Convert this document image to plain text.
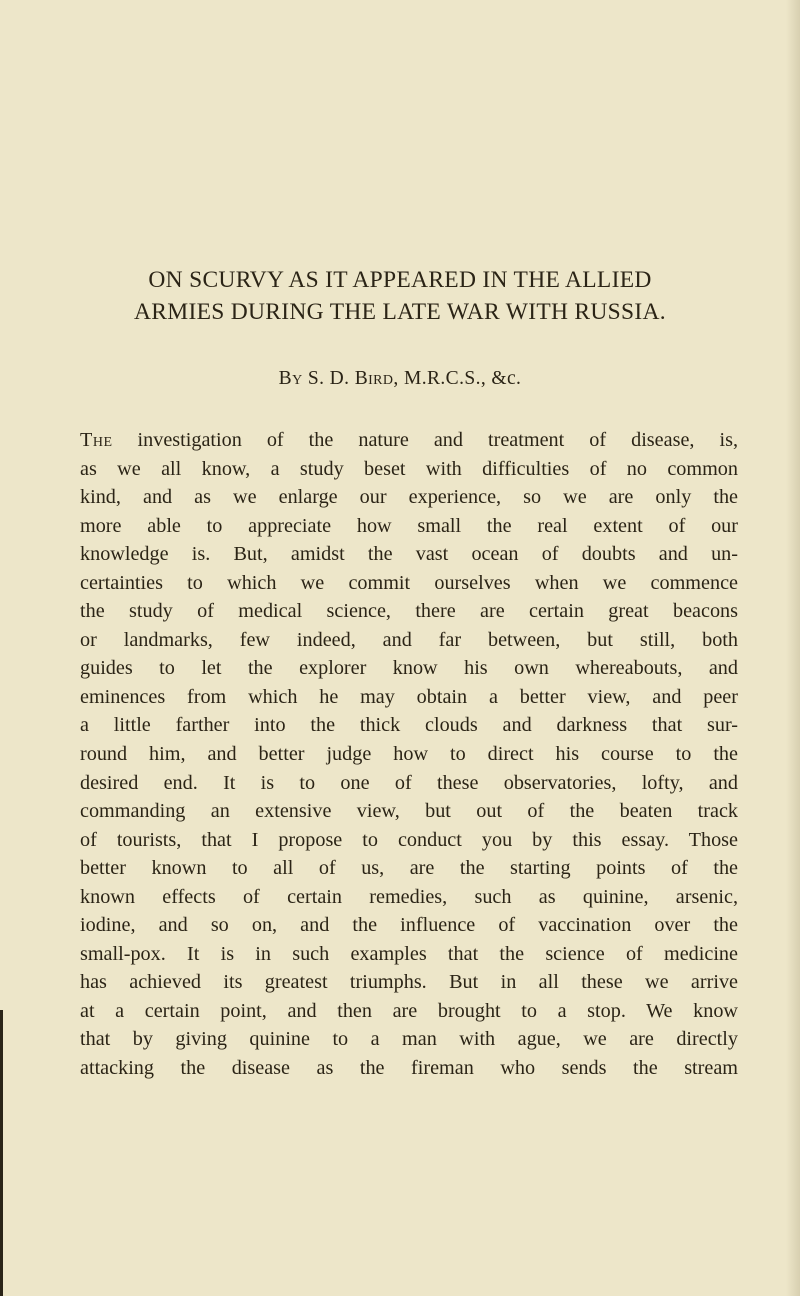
ON SCURVY AS IT APPEARED IN THE ALLIED
ARMIES DURING THE LATE WAR WITH RUSSIA.

By S. D. Bird, M.R.C.S., &c.

The investigation of the nature and treatment of disease, is,
as we all know, a study beset with difficulties of no common
kind, and as we enlarge our experience, so we are only the
more able to appreciate how small the real extent of our
knowledge is. But, amidst the vast ocean of doubts and un-
certainties to which we commit ourselves when we commence
the study of medical science, there are certain great beacons
or landmarks, few indeed, and far between, but still, both
guides to let the explorer know his own whereabouts, and
eminences from which he may obtain a better view, and peer
a little farther into the thick clouds and darkness that sur-
round him, and better judge how to direct his course to the
desired end. It is to one of these observatories, lofty, and
commanding an extensive view, but out of the beaten track
of tourists, that I propose to conduct you by this essay. Those
better known to all of us, are the starting points of the
known effects of certain remedies, such as quinine, arsenic,
iodine, and so on, and the influence of vaccination over the
small-pox. It is in such examples that the science of medicine
has achieved its greatest triumphs. But in all these we arrive
at a certain point, and then are brought to a stop. We know
that by giving quinine to a man with ague, we are directly
attacking the disease as the fireman who sends the stream
